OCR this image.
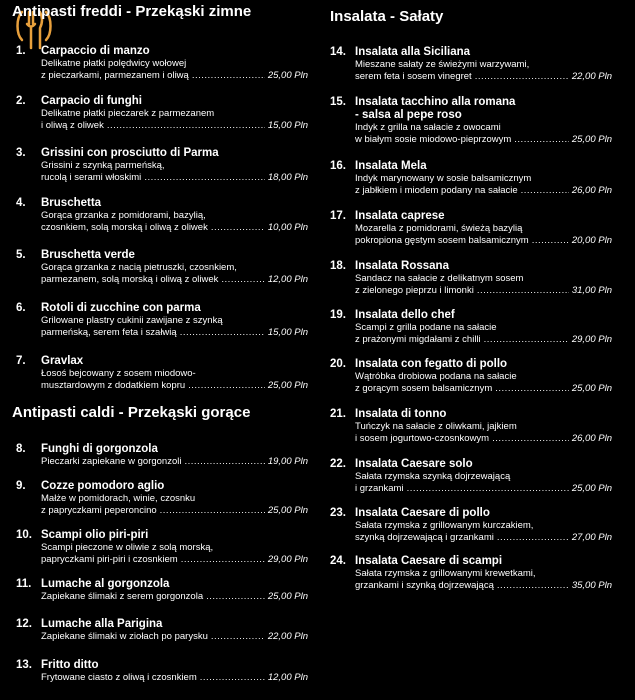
Antipasti freddi - Przekąski zimne
1.	Carpaccio di manzo
Delikatne płatki polędwicy wołowej
z pieczarkami, parmezanem i oliwą .....	25,00 Pln
2.	Carpacio di funghi
Delikatne płatki pieczarek z parmezanem
i oliwą z oliwek .....	15,00 Pln
3.	Grissini con prosciutto di Parma
Grissini z szynką parmeńską,
rucolą i serami włoskimi .....	18,00 Pln
4.	Bruschetta
Gorąca grzanka z pomidorami, bazylią,
czosnkiem, solą morską i oliwą z oliwek .....	10,00 Pln
5.	Bruschetta verde
Gorąca grzanka z nacią pietruszki, czosnkiem,
parmezanem, solą morską i oliwą z oliwek .....	12,00 Pln
6.	Rotoli di zucchine con parma
Grilowane plastry cukinii zawijane z szynką
parmeńską, serem feta i szałwią .....	15,00 Pln
7.	Gravlax
Łosoś bejcowany z sosem miodowo-
musztardowym z dodatkiem kopru .....	25,00 Pln
Antipasti caldi - Przekąski gorące
8.	Funghi di gorgonzola
Pieczarki zapiekane w gorgonzoli .....	19,00 Pln
9.	Cozze pomodoro aglio
Małże w pomidorach, winie, czosnku
z papryczkami peperoncino .....	25,00 Pln
10. Scampi olio piri-piri
Scampi pieczone w oliwie z solą morską,
papryczkami piri-piri i czosnkiem .....	29,00 Pln
11. Lumache al gorgonzola
Zapiekane ślimaki z serem gorgonzola .....	25,00 Pln
12. Lumache alla Parigina
Zapiekane ślimaki w ziołach po parysku .....	22,00 Pln
13. Fritto ditto
Frytowane ciasto z oliwą i czosnkiem .....	12,00 Pln
Insalata - Sałaty
14. Insalata alla Siciliana
Mieszane sałaty ze świeżymi warzywami,
serem feta i sosem vinegret .....	22,00 Pln
15. Insalata tacchino alla romana
- salsa al pepe roso
Indyk z grilla na sałacie z owocami
w białym sosie miodowo-pieprzowym .....	25,00 Pln
16. Insalata Mela
Indyk marynowany w sosie balsamicznym
z jabłkiem i miodem podany na sałacie .....	26,00 Pln
17. Insalata caprese
Mozarella z pomidorami, świeżą bazylią
pokropiona gęstym sosem balsamicznym .....	20,00 Pln
18. Insalata Rossana
Sandacz na sałacie z delikatnym sosem
z zielonego pieprzu i limonki .....	31,00 Pln
19. Insalata dello chef
Scampi z grilla podane na sałacie
z prażonymi migdałami z chilli .....	29,00 Pln
20. Insalata con fegatto di pollo
Wątróbka drobiowa podana na sałacie
z gorącym sosem balsamicznym .....	25,00 Pln
21. Insalata di tonno
Tuńczyk na sałacie z oliwkami, jajkiem
i sosem jogurtowo-czosnkowym .....	26,00 Pln
22. Insalata Caesare solo
Sałata rzymska szynką dojrzewającą
i grzankami .....	25,00 Pln
23. Insalata Caesare di pollo
Sałata rzymska z grillowanym kurczakiem,
szynką dojrzewającą i grzankami .....	27,00 Pln
24. Insalata Caesare di scampi
Sałata rzymska z grillowanymi krewetkami,
grzankami i szynką dojrzewającą .....	35,00 Pln
